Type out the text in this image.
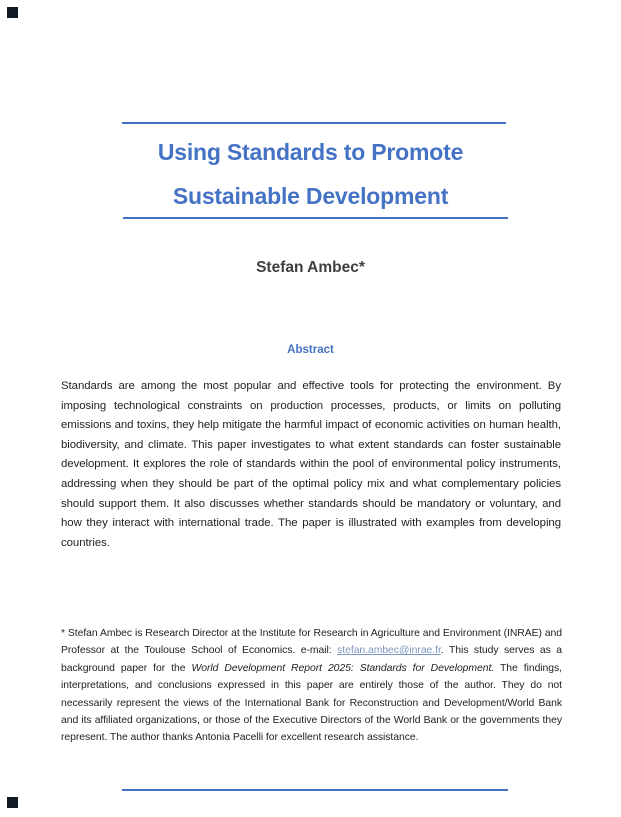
Using Standards to Promote
Sustainable Development
Stefan Ambec*
Abstract
Standards are among the most popular and effective tools for protecting the environment. By imposing technological constraints on production processes, products, or limits on polluting emissions and toxins, they help mitigate the harmful impact of economic activities on human health, biodiversity, and climate. This paper investigates to what extent standards can foster sustainable development. It explores the role of standards within the pool of environmental policy instruments, addressing when they should be part of the optimal policy mix and what complementary policies should support them. It also discusses whether standards should be mandatory or voluntary, and how they interact with international trade. The paper is illustrated with examples from developing countries.
* Stefan Ambec is Research Director at the Institute for Research in Agriculture and Environment (INRAE) and Professor at the Toulouse School of Economics. e-mail: stefan.ambec@inrae.fr. This study serves as a background paper for the World Development Report 2025: Standards for Development. The findings, interpretations, and conclusions expressed in this paper are entirely those of the author. They do not necessarily represent the views of the International Bank for Reconstruction and Development/World Bank and its affiliated organizations, or those of the Executive Directors of the World Bank or the governments they represent. The author thanks Antonia Pacelli for excellent research assistance.
